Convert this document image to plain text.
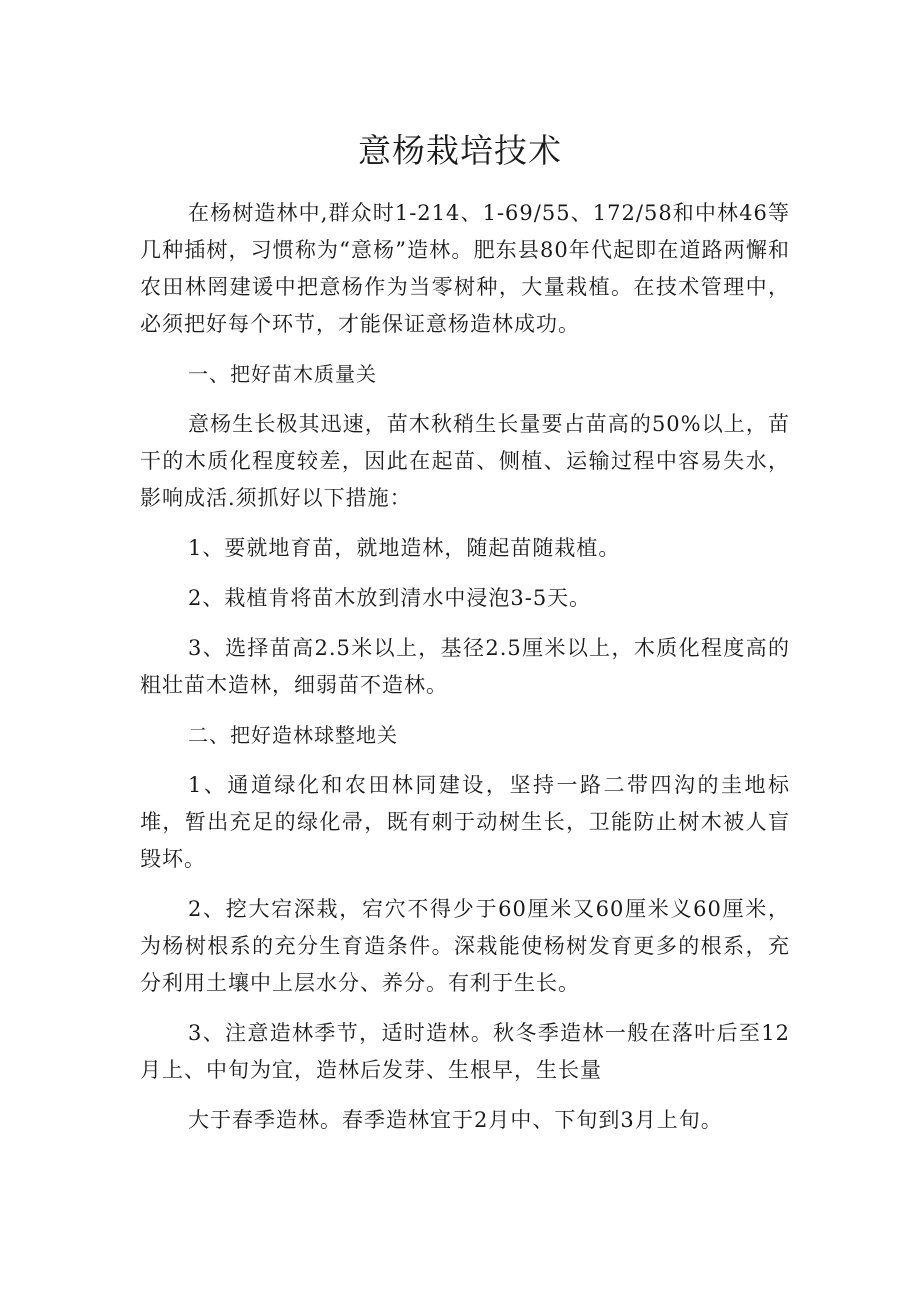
意杨栽培技术

在杨树造林中,群众时1-214、1-69/55、172/58和中林46等几种插树，习惯称为“意杨”造林。肥东县80年代起即在道路两懈和农田林罔建谖中把意杨作为当零树种，大量栽植。在技术管理中，必须把好每个环节，才能保证意杨造林成功。

一、把好苗木质量关

意杨生长极其迅速，苗木秋稍生长量要占苗高的50%以上，苗干的木质化程度较差，因此在起苗、侧植、运输过程中容易失水，影响成活.须抓好以下措施：

1、要就地育苗，就地造林，随起苗随栽植。

2、栽植肯将苗木放到清水中浸泡3-5天。

3、选择苗高2.5米以上，基径2.5厘米以上，木质化程度高的粗壮苗木造林，细弱苗不造林。

二、把好造林球整地关

1、通道绿化和农田林同建设，坚持一路二带四沟的圭地标堆，暂出充足的绿化帚，既有刺于动树生长，卫能防止树木被人盲毁坏。

2、挖大宕深栽，宕穴不得少于60厘米又60厘米义60厘米，为杨树根系的充分生育造条件。深栽能使杨树发育更多的根系，充分利用土壤中上层水分、养分。有利于生长。

3、注意造林季节，适时造林。秋冬季造林一般在落叶后至12月上、中旬为宜，造林后发芽、生根早，生长量

大于春季造林。春季造林宜于2月中、下旬到3月上旬。
